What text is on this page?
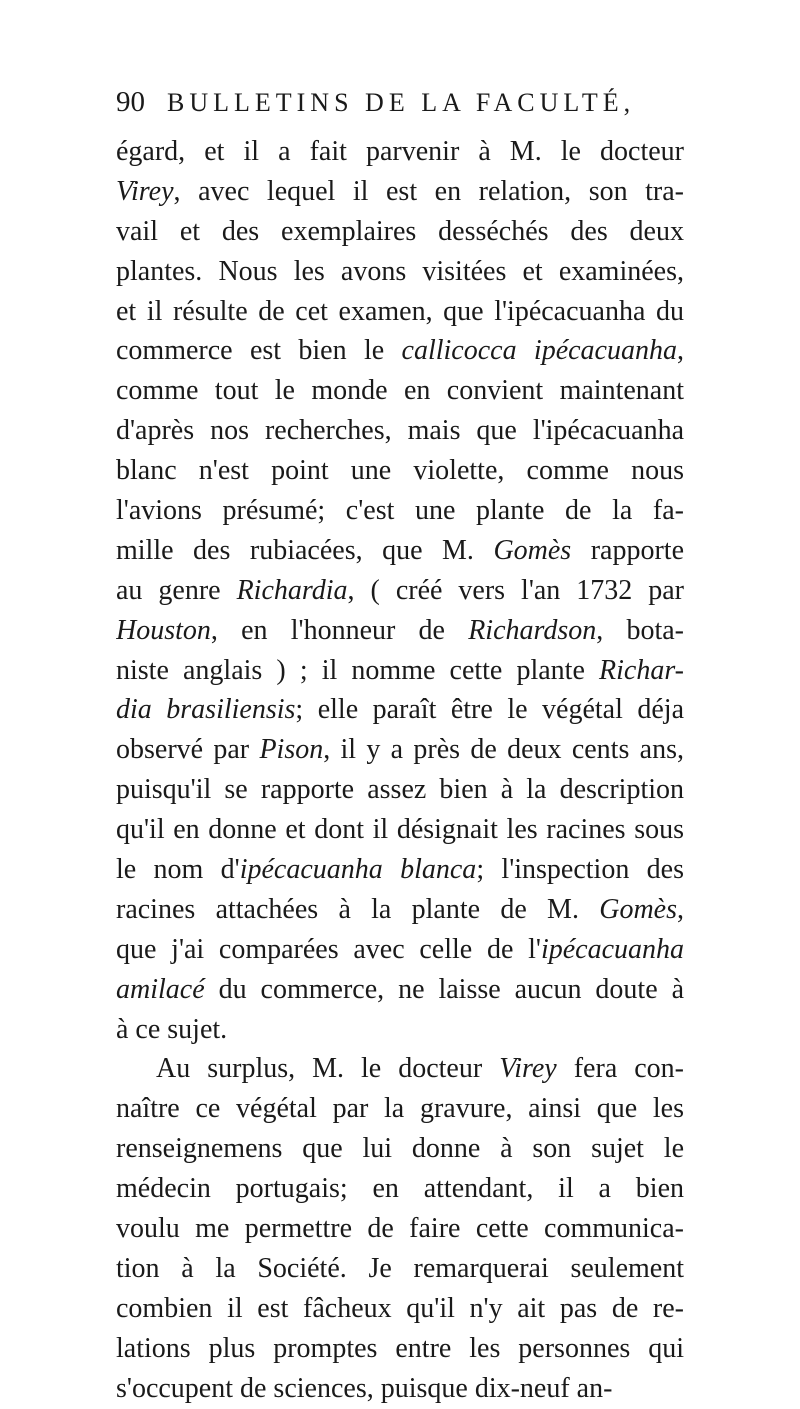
90 BULLETINS DE LA FACULTÉ,
égard, et il a fait parvenir à M. le docteur
Virey, avec lequel il est en relation, son tra-
vail et des exemplaires desséchés des deux
plantes. Nous les avons visitées et examinées,
et il résulte de cet examen, que l'ipécacuanha du
commerce est bien le callicocca ipécacuanha,
comme tout le monde en convient maintenant
d'après nos recherches, mais que l'ipécacuanha
blanc n'est point une violette, comme nous
l'avions présumé; c'est une plante de la fa-
mille des rubiacées, que M. Gomès rapporte
au genre Richardia, ( créé vers l'an 1732 par
Houston, en l'honneur de Richardson, bota-
niste anglais ) ; il nomme cette plante Richar-
dia brasiliensis; elle paraît être le végétal déja
observé par Pison, il y a près de deux cents ans,
puisqu'il se rapporte assez bien à la description
qu'il en donne et dont il désignait les racines sous
le nom d'ipécacuanha blanca; l'inspection des
racines attachées à la plante de M. Gomès,
que j'ai comparées avec celle de l'ipécacuanha
amilacé du commerce, ne laisse aucun doute à
à ce sujet.
Au surplus, M. le docteur Virey fera con-
naître ce végétal par la gravure, ainsi que les
renseignemens que lui donne à son sujet le
médecin portugais; en attendant, il a bien
voulu me permettre de faire cette communica-
tion à la Société. Je remarquerai seulement
combien il est fâcheux qu'il n'y ait pas de re-
lations plus promptes entre les personnes qui
s'occupent de sciences, puisque dix-neuf an-
